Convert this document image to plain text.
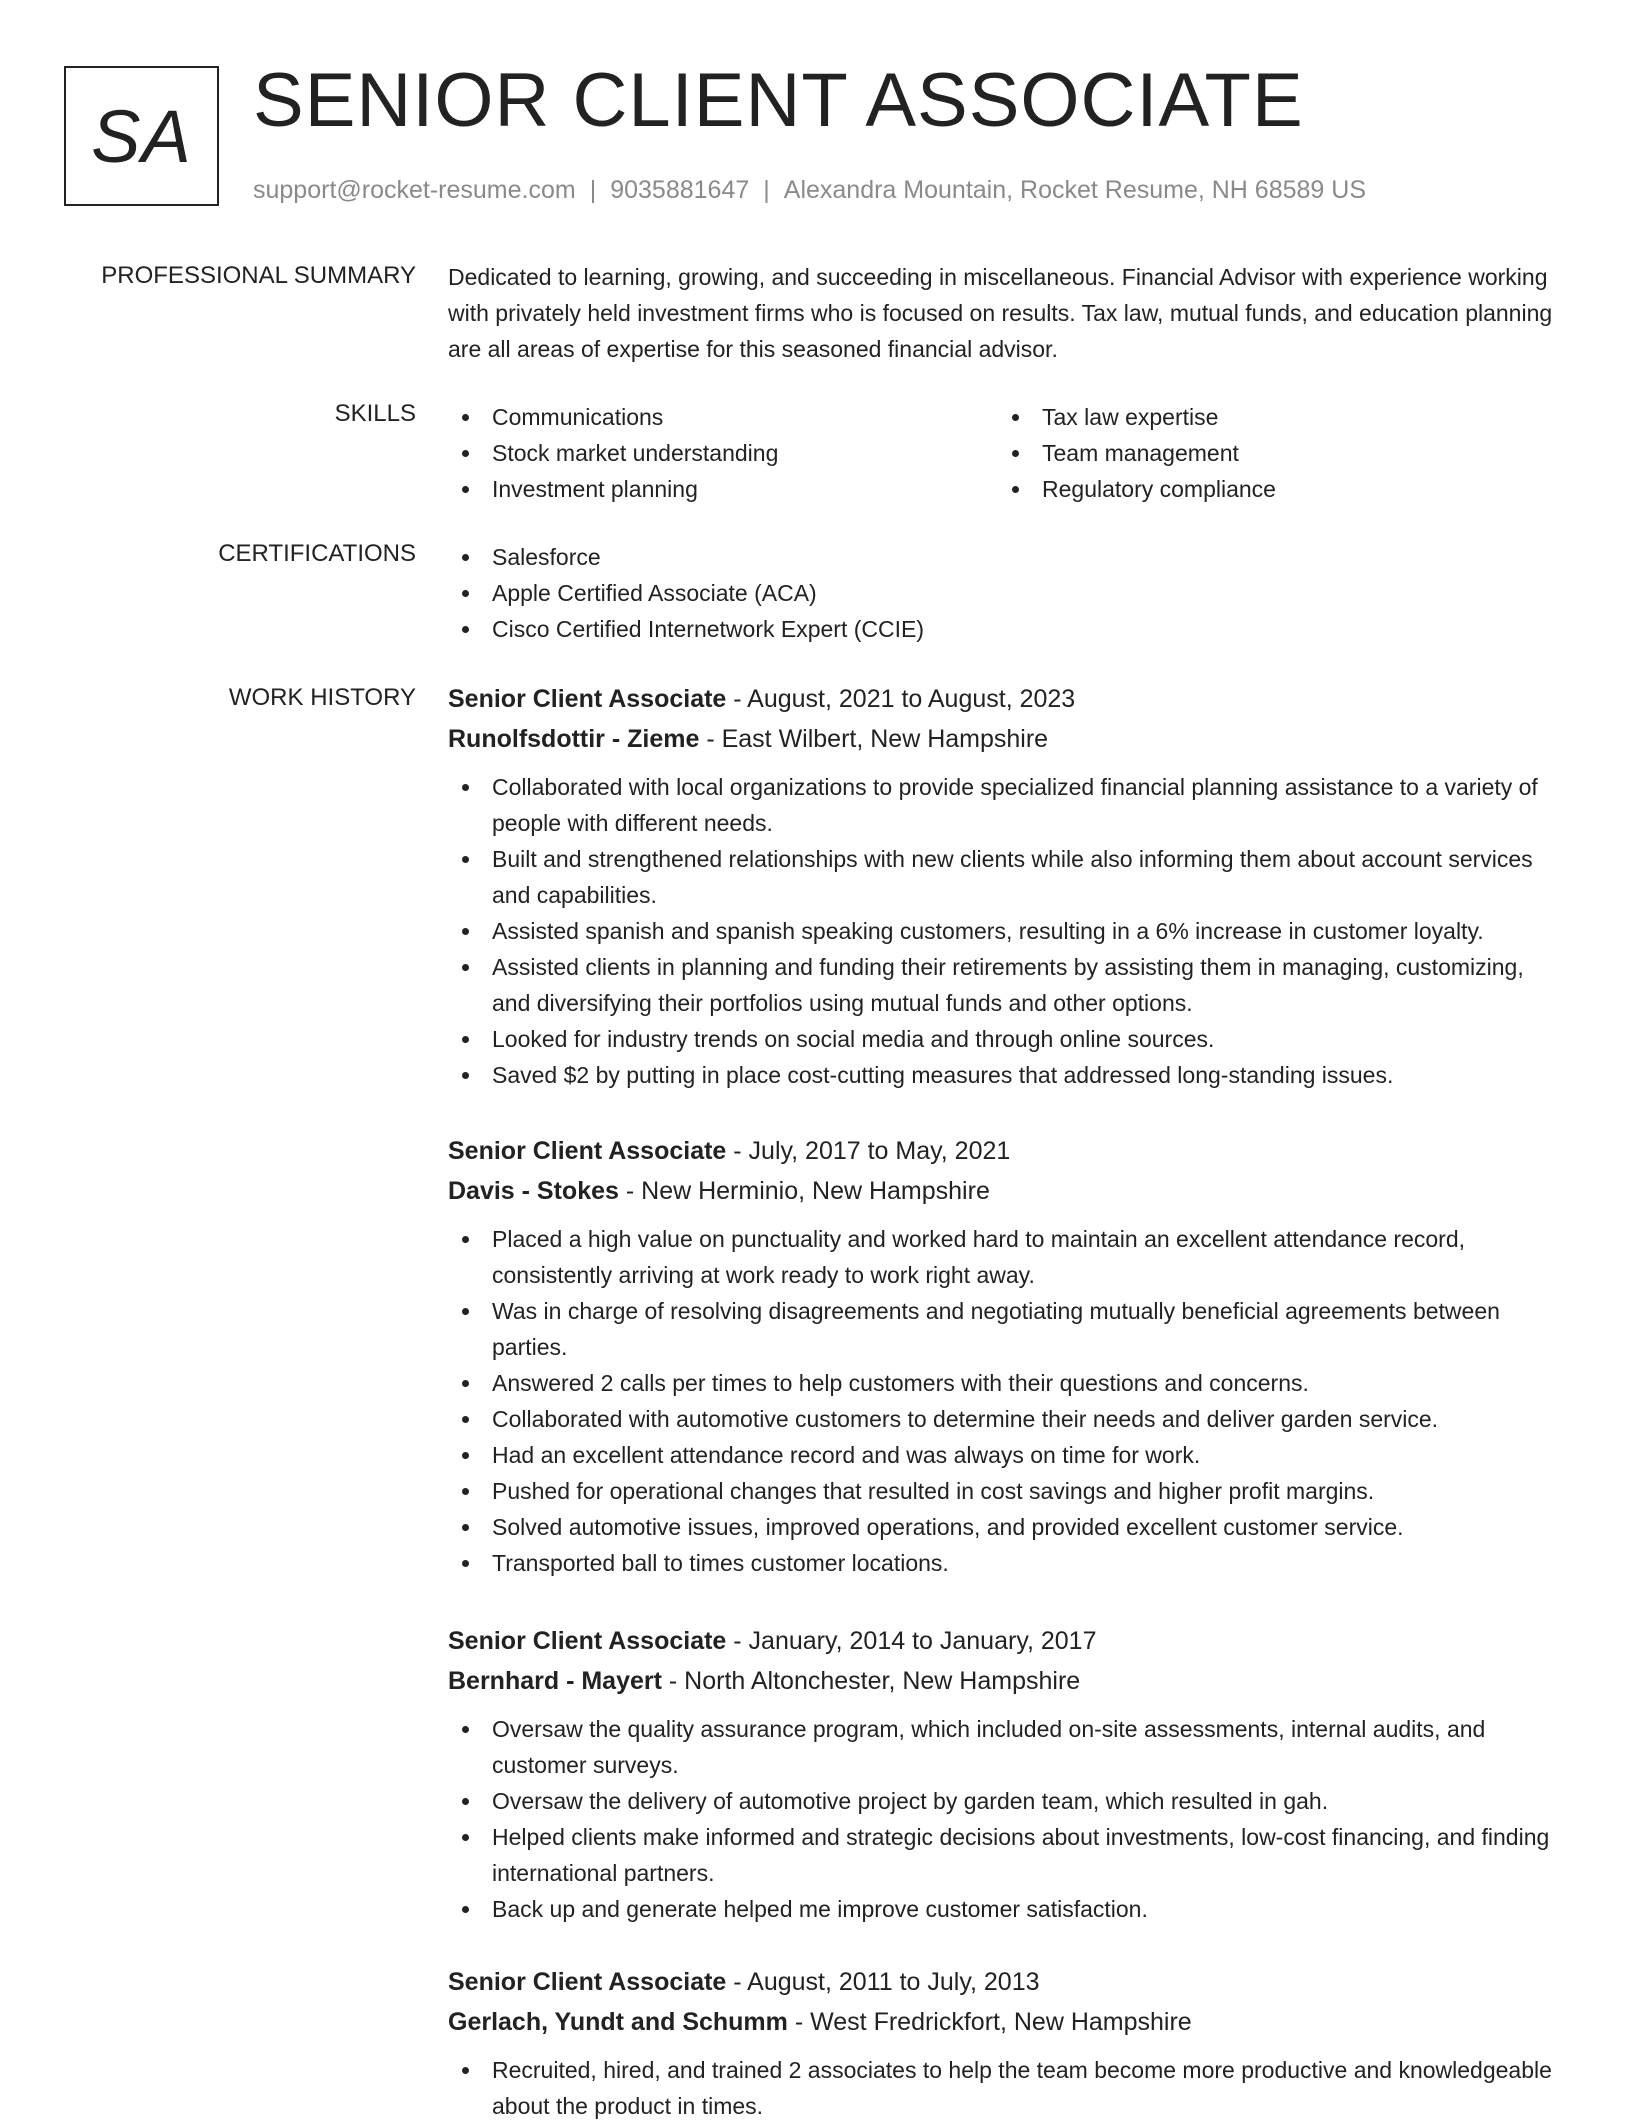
SA SENIOR CLIENT ASSOCIATE
support@rocket-resume.com | 9035881647 | Alexandra Mountain, Rocket Resume, NH 68589 US
PROFESSIONAL SUMMARY Dedicated to learning, growing, and succeeding in miscellaneous. Financial Advisor with experience working with privately held investment firms who is focused on results. Tax law, mutual funds, and education planning are all areas of expertise for this seasoned financial advisor.

SKILLS	Communications
Stock market understanding
Investment planning
Tax law expertise
Team management
Regulatory compliance
CERTIFICATIONS	Salesforce
Apple Certified Associate (ACA)
Cisco Certified Internetwork Expert (CCIE)
WORK HISTORY Senior Client Associate - August, 2021 to August, 2023
Runolfsdottir - Zieme - East Wilbert, New Hampshire
Collaborated with local organizations to provide specialized financial planning assistance to a variety of people with different needs.
Built and strengthened relationships with new clients while also informing them about account services and capabilities.
Assisted spanish and spanish speaking customers, resulting in a 6% increase in customer loyalty.
Assisted clients in planning and funding their retirements by assisting them in managing, customizing, and diversifying their portfolios using mutual funds and other options.
Looked for industry trends on social media and through online sources.
Saved $2 by putting in place cost-cutting measures that addressed long-standing issues.
Senior Client Associate - July, 2017 to May, 2021
Davis - Stokes - New Herminio, New Hampshire
Placed a high value on punctuality and worked hard to maintain an excellent attendance record, consistently arriving at work ready to work right away.
Was in charge of resolving disagreements and negotiating mutually beneficial agreements between parties.
Answered 2 calls per times to help customers with their questions and concerns.
Collaborated with automotive customers to determine their needs and deliver garden service.
Had an excellent attendance record and was always on time for work.
Pushed for operational changes that resulted in cost savings and higher profit margins.
Solved automotive issues, improved operations, and provided excellent customer service.
Transported ball to times customer locations.
Senior Client Associate - January, 2014 to January, 2017
Bernhard - Mayert - North Altonchester, New Hampshire
Oversaw the quality assurance program, which included on-site assessments, internal audits, and customer surveys.
Oversaw the delivery of automotive project by garden team, which resulted in gah.
Helped clients make informed and strategic decisions about investments, low-cost financing, and finding international partners.
Back up and generate helped me improve customer satisfaction.
Senior Client Associate - August, 2011 to July, 2013
Gerlach, Yundt and Schumm - West Fredrickfort, New Hampshire
Recruited, hired, and trained 2 associates to help the team become more productive and knowledgeable about the product in times.
